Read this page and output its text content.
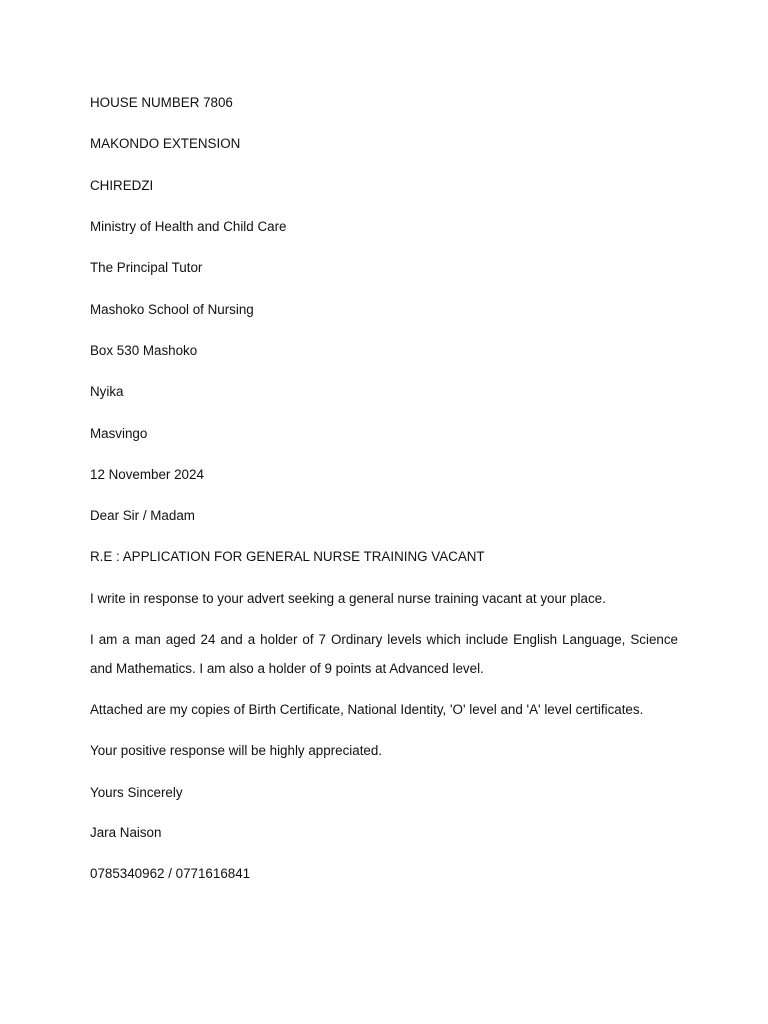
HOUSE NUMBER 7806
MAKONDO EXTENSION
CHIREDZI
Ministry of Health and Child Care
The Principal Tutor
Mashoko School of Nursing
Box 530 Mashoko
Nyika
Masvingo
12 November 2024
Dear Sir / Madam
R.E : APPLICATION FOR GENERAL NURSE TRAINING VACANT
I write in response to your advert seeking a general nurse training vacant at your place.
I am a man aged 24 and a holder of 7 Ordinary levels which include English Language, Science and Mathematics. I am also a holder of 9 points at Advanced level.
Attached are my copies of Birth Certificate, National Identity, 'O' level and 'A' level certificates.
Your positive response will be highly appreciated.
Yours Sincerely
Jara Naison
0785340962 / 0771616841
